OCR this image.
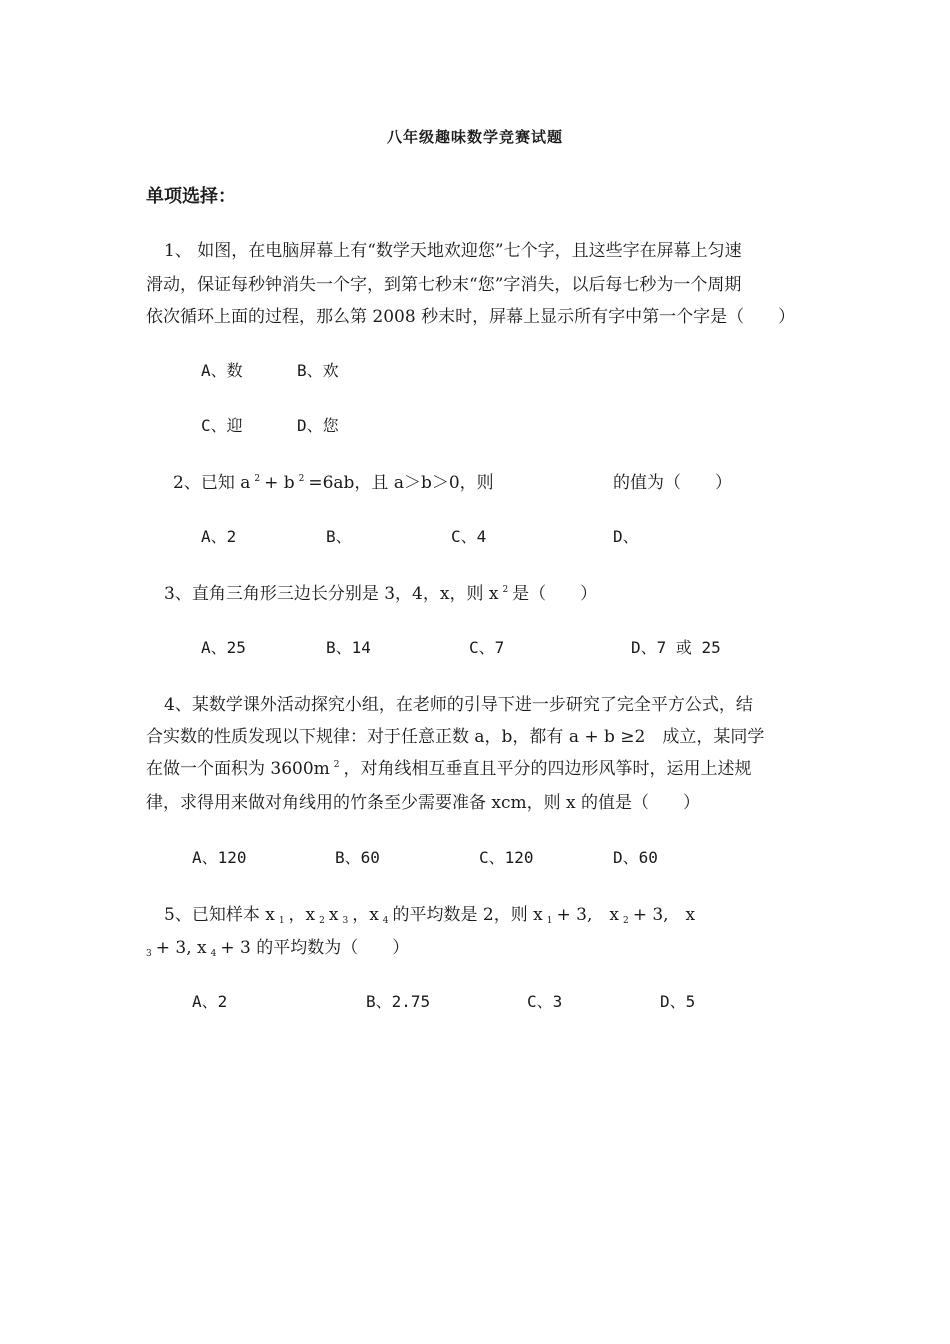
八年级趣味数学竞赛试题
单项选择：
1、 如图，在电脑屏幕上有“数学天地欢迎您”七个字，且这些字在屏幕上匀速
滑动，保证每秒钟消失一个字，到第七秒末“您”字消失，以后每七秒为一个周期
依次循环上面的过程，那么第 2008 秒末时，屏幕上显示所有字中第一个字是（　　）
A、数	B、欢
C、迎	D、您
2、已知 a $^2$ + b $^2$ =6ab，且 a＞b＞0，则	的值为（　　）
A、2	B、	C、4	D、
3、直角三角形三边长分别是 3，4，x，则 x $^2$ 是（　　）
A、25	B、14	C、7	D、7 或 25
4、某数学课外活动探究小组，在老师的引导下进一步研究了完全平方公式，结
合实数的性质发现以下规律：对于任意正数 a，b，都有 a + b ≥2　成立，某同学
在做一个面积为 3600m $^2$ ，对角线相互垂直且平分的四边形风筝时，运用上述规
律，求得用来做对角线用的竹条至少需要准备 xcm，则 x 的值是（　　）
A、120	B、60	C、120	D、60
5、已知样本 x $_1$ ，x $_2$ x $_3$ ，x $_4$ 的平均数是 2，则 x $_1$ + 3,　x $_2$ + 3,　x
$_3$ + 3, x $_4$ + 3 的平均数为（　　）
A、2	B、2.75	C、3	D、5
